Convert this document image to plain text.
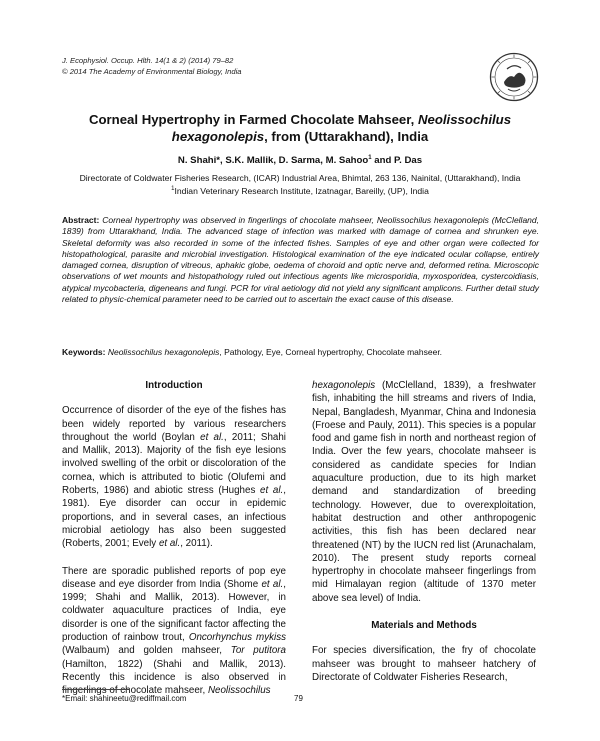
J. Ecophysiol. Occup. Hlth. 14(1 & 2) (2014) 79–82
© 2014 The Academy of Environmental Biology, India
Corneal Hypertrophy in Farmed Chocolate Mahseer, Neolissochilus hexagonolepis, from (Uttarakhand), India
N. Shahi*, S.K. Mallik, D. Sarma, M. Sahoo$^1$ and P. Das
Directorate of Coldwater Fisheries Research, (ICAR) Industrial Area, Bhimtal, 263 136, Nainital, (Uttarakhand), India
$^1$Indian Veterinary Research Institute, Izatnagar, Bareilly, (UP), India
Abstract: Corneal hypertrophy was observed in fingerlings of chocolate mahseer, Neolissochilus hexagonolepis (McClelland, 1839) from Uttarakhand, India. The advanced stage of infection was marked with damage of cornea and shrunken eye. Skeletal deformity was also recorded in some of the infected fishes. Samples of eye and other organ were collected for histopathological, parasite and microbial investigation. Histological examination of the eye indicated ocular collapse, entirely damaged cornea, disruption of vitreous, aphakic globe, oedema of choroid and optic nerve and, deformed retina. Microscopic observations of wet mounts and histopathology ruled out infectious agents like microsporidia, myxosporidea, cystercoidiasis, atypical mycobacteria, digeneans and fungi. PCR for viral aetiology did not yield any significant amplicons. Further detail study related to physic-chemical parameter need to be carried out to ascertain the exact cause of this disease.
Keywords: Neolissochilus hexagonolepis, Pathology, Eye, Corneal hypertrophy, Chocolate mahseer.
Introduction

Occurrence of disorder of the eye of the fishes has been widely reported by various researchers throughout the world (Boylan et al., 2011; Shahi and Mallik, 2013). Majority of the fish eye lesions involved swelling of the orbit or discoloration of the cornea, which is attributed to biotic (Olufemi and Roberts, 1986) and abiotic stress (Hughes et al., 1981). Eye disorder can occur in epidemic proportions, and in several cases, an infectious microbial aetiology has also been suggested (Roberts, 2001; Evely et al., 2011).

There are sporadic published reports of pop eye disease and eye disorder from India (Shome et al., 1999; Shahi and Mallik, 2013). However, in coldwater aquaculture practices of India, eye disorder is one of the significant factor affecting the production of rainbow trout, Oncorhynchus mykiss (Walbaum) and golden mahseer, Tor putitora (Hamilton, 1822) (Shahi and Mallik, 2013). Recently this incidence is also observed in fingerlings of chocolate mahseer, Neolissochilus

hexagonolepis (McClelland, 1839), a freshwater fish, inhabiting the hill streams and rivers of India, Nepal, Bangladesh, Myanmar, China and Indonesia (Froese and Pauly, 2011). This species is a popular food and game fish in north and northeast region of India. Over the few years, chocolate mahseer is considered as candidate species for Indian aquaculture production, due to its high market demand and standardization of breeding technology. However, due to overexploitation, habitat destruction and other anthropogenic activities, this fish has been declared near threatened (NT) by the IUCN red list (Arunachalam, 2010). The present study reports corneal hypertrophy in chocolate mahseer fingerlings from mid Himalayan region (altitude of 1370 meter above sea level) of India.

Materials and Methods

For species diversification, the fry of chocolate mahseer was brought to mahseer hatchery of Directorate of Coldwater Fisheries Research,

*Email: shahineetu@rediffmail.com	79
